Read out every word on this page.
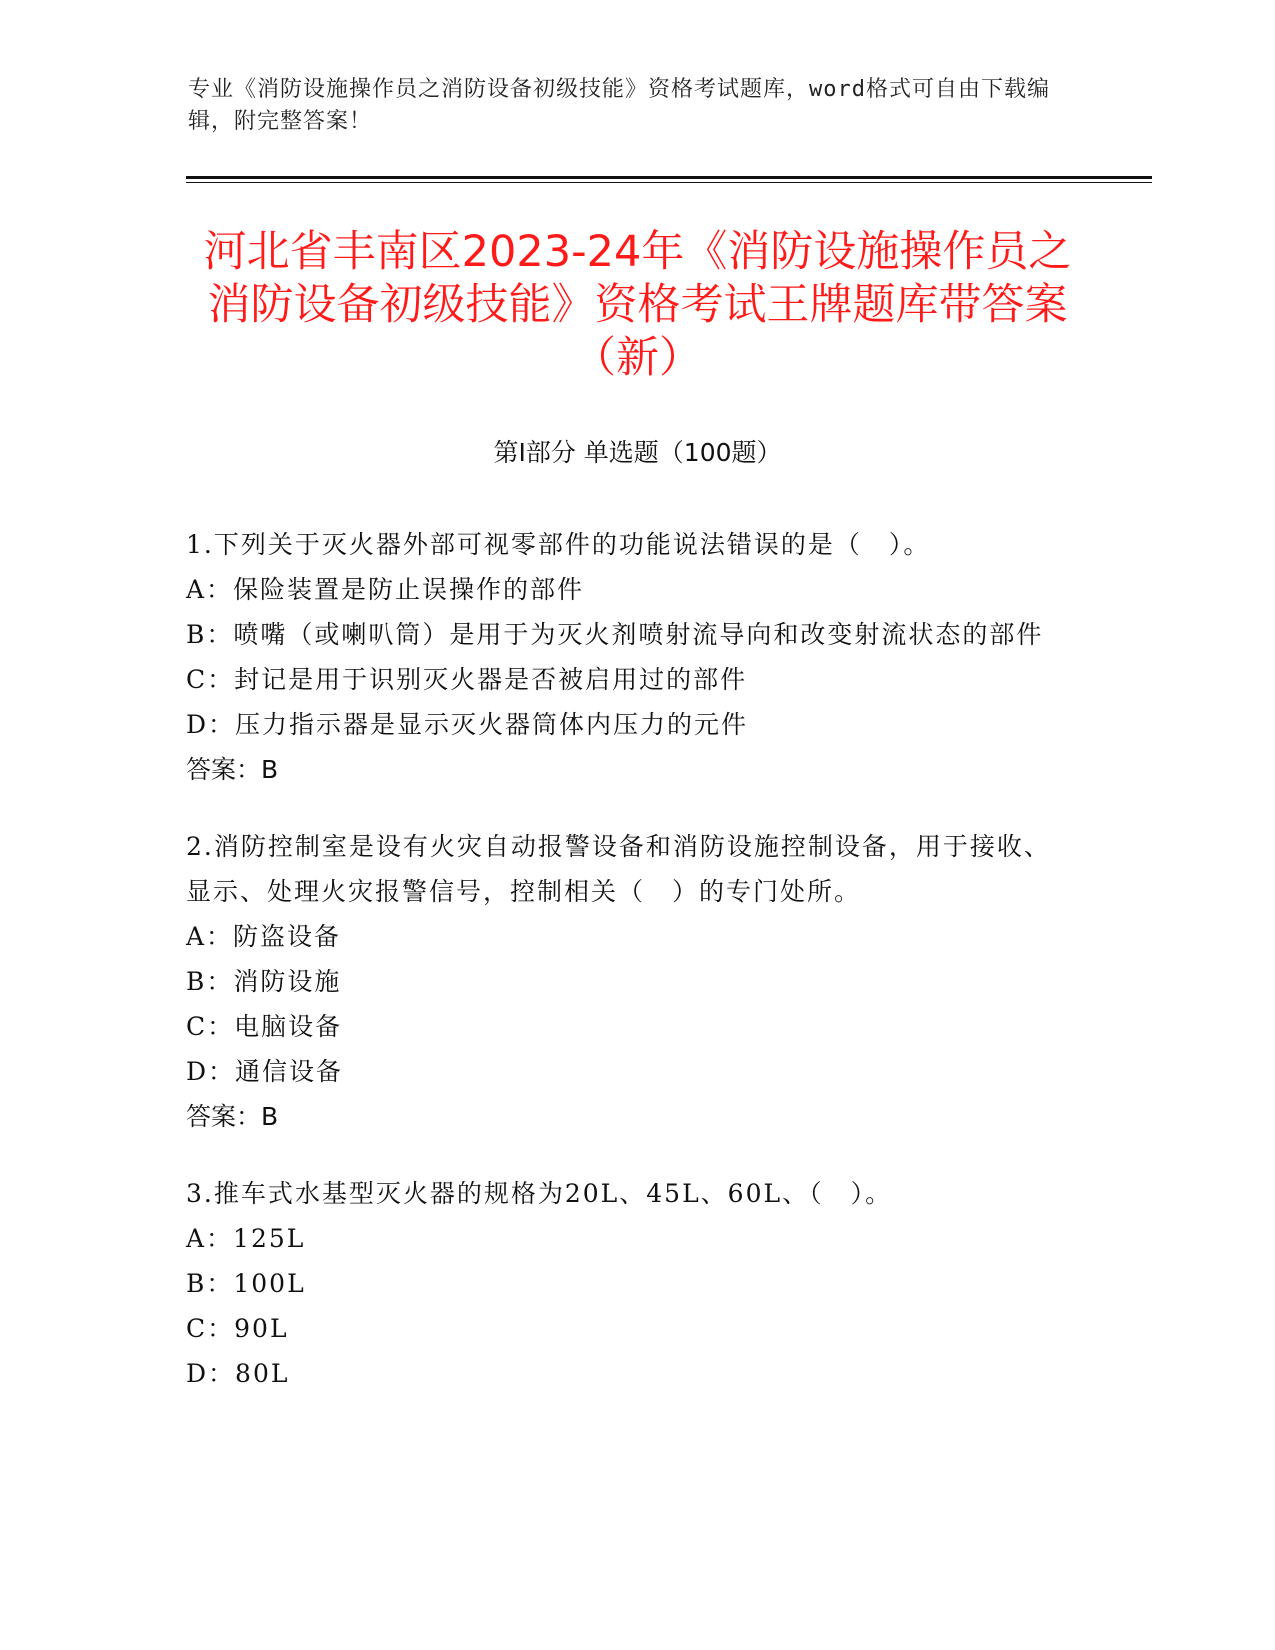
专业《消防设施操作员之消防设备初级技能》资格考试题库，word格式可自由下载编辑，附完整答案！
河北省丰南区2023-24年《消防设施操作员之消防设备初级技能》资格考试王牌题库带答案（新）
第I部分 单选题（100题）
1.下列关于灭火器外部可视零部件的功能说法错误的是（　）。
A：保险装置是防止误操作的部件
B：喷嘴（或喇叭筒）是用于为灭火剂喷射流导向和改变射流状态的部件
C：封记是用于识别灭火器是否被启用过的部件
D：压力指示器是显示灭火器筒体内压力的元件
答案：B
2.消防控制室是设有火灾自动报警设备和消防设施控制设备，用于接收、显示、处理火灾报警信号，控制相关（　）的专门处所。
A：防盗设备
B：消防设施
C：电脑设备
D：通信设备
答案：B
3.推车式水基型灭火器的规格为20L、45L、60L、（　）。
A：125L
B：100L
C：90L
D：80L
